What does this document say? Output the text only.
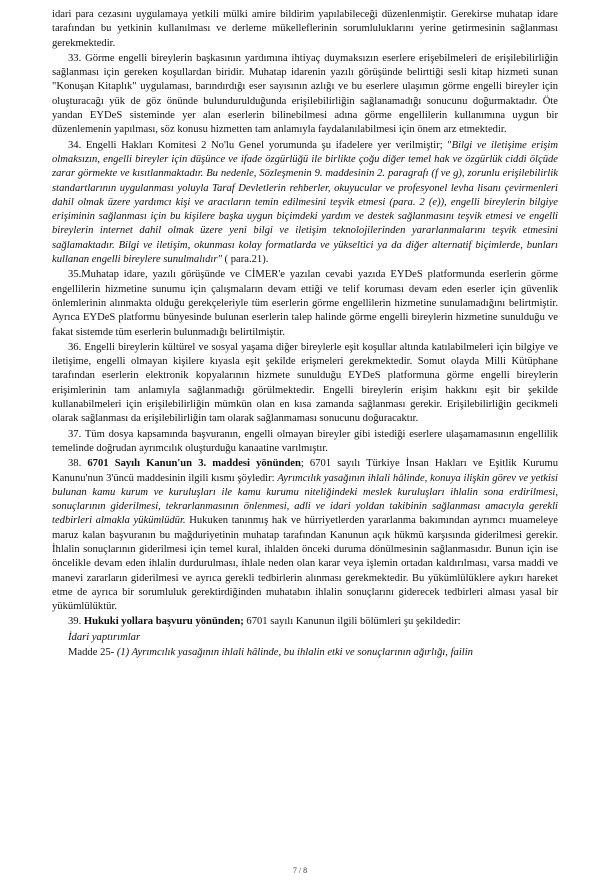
idari para cezasını uygulamaya yetkili mülki amire bildirim yapılabileceği düzenlenmiştir. Gerekirse muhatap idare tarafından bu yetkinin kullanılması ve derleme mükelleflerinin sorumluluklarını yerine getirmesinin sağlanması gerekmektedir.

33. Görme engelli bireylerin başkasının yardımına ihtiyaç duymaksızın eserlere erişebilmeleri de erişilebilirliğin sağlanması için gereken koşullardan biridir. Muhatap idarenin yazılı görüşünde belirttiği sesli kitap hizmeti sunan "Konuşan Kitaplık" uygulaması, barındırdığı eser sayısının azlığı ve bu eserlere ulaşımın görme engelli bireyler için oluşturacağı yük de göz önünde bulundurulduğunda erişilebilirliğin sağlanamadığı sonucunu doğurmaktadır. Öte yandan EYDeS sisteminde yer alan eserlerin bilinebilmesi adına görme engellilerin kullanımına uygun bir düzenlemenin yapılması, söz konusu hizmetten tam anlamıyla faydalanılabilmesi için önem arz etmektedir.

34. Engelli Hakları Komitesi 2 No'lu Genel yorumunda şu ifadelere yer verilmiştir; "Bilgi ve iletişime erişim olmaksızın, engelli bireyler için düşünce ve ifade özgürlüğü ile birlikte çoğu diğer temel hak ve özgürlük ciddi ölçüde zarar görmekte ve kısıtlanmaktadır. Bu nedenle, Sözleşmenin 9. maddesinin 2. paragrafı (f ve g), zorunlu erişilebilirlik standartlarının uygulanması yoluyla Taraf Devletlerin rehberler, okuyucular ve profesyonel levha lisanı çevirmenleri dahil olmak üzere yardımcı kişi ve aracıların temin edilmesini teşvik etmesi (para. 2 (e)), engelli bireylerin bilgiye erişiminin sağlanması için bu kişilere başka uygun biçimdeki yardım ve destek sağlanmasını teşvik etmesi ve engelli bireylerin internet dahil olmak üzere yeni bilgi ve iletişim teknolojilerinden yararlanmalarını teşvik etmesini sağlamaktadır. Bilgi ve iletişim, okunması kolay formatlarda ve yükseltici ya da diğer alternatif biçimlerde, bunları kullanan engelli bireylere sunulmalıdır" ( para.21).

35.Muhatap idare, yazılı görüşünde ve CİMER'e yazılan cevabi yazıda EYDeS platformunda eserlerin görme engellilerin hizmetine sunumu için çalışmaların devam ettiği ve telif koruması devam eden eserler için güvenlik önlemlerinin alınmakta olduğu gerekçeleriyle tüm eserlerin görme engellilerin hizmetine sunulamadığını belirtmiştir. Ayrıca EYDeS platformu bünyesinde bulunan eserlerin talep halinde görme engelli bireylerin hizmetine sunulduğu ve fakat sistemde tüm eserlerin bulunmadığı belirtilmiştir.

36. Engelli bireylerin kültürel ve sosyal yaşama diğer bireylerle eşit koşullar altında katılabilmeleri için bilgiye ve iletişime, engelli olmayan kişilere kıyasla eşit şekilde erişmeleri gerekmektedir. Somut olayda Milli Kütüphane tarafından eserlerin elektronik kopyalarının hizmete sunulduğu EYDeS platformuna görme engelli bireylerin erişimlerinin tam anlamıyla sağlanmadığı görülmektedir. Engelli bireylerin erişim hakkını eşit bir şekilde kullanabilmeleri için erişilebilirliğin mümkün olan en kısa zamanda sağlanması gerekir. Erişilebilirliğin gecikmeli olarak sağlanması da erişilebilirliğin tam olarak sağlanmaması sonucunu doğuracaktır.

37. Tüm dosya kapsamında başvuranın, engelli olmayan bireyler gibi istediği eserlere ulaşamamasının engellilik temelinde doğrudan ayrımcılık oluşturduğu kanaatine varılmıştır.

38. 6701 Sayılı Kanun'un 3. maddesi yönünden; 6701 sayılı Türkiye İnsan Hakları ve Eşitlik Kurumu Kanunu'nun 3'üncü maddesinin ilgili kısmı şöyledir: Ayrımcılık yasağının ihlali hâlinde, konuya ilişkin görev ve yetkisi bulunan kamu kurum ve kuruluşları ile kamu kurumu niteliğindeki meslek kuruluşları ihlalin sona erdirilmesi, sonuçlarının giderilmesi, tekrarlanmasının önlenmesi, adli ve idari yoldan takibinin sağlanması amacıyla gerekli tedbirleri almakla yükümlüdür. Hukuken tanınmış hak ve hürriyetlerden yararlanma bakımından ayrımcı muameleye maruz kalan başvuranın bu mağduriyetinin muhatap tarafından Kanunun açık hükmü karşısında giderilmesi gerekir. İhlalin sonuçlarının giderilmesi için temel kural, ihlalden önceki duruma dönülmesinin sağlanmasıdır. Bunun için ise öncelikle devam eden ihlalin durdurulması, ihlale neden olan karar veya işlemin ortadan kaldırılması, varsa maddi ve manevi zararların giderilmesi ve ayrıca gerekli tedbirlerin alınması gerekmektedir. Bu yükümlülüklere aykırı hareket etme de ayrıca bir sorumluluk gerektirdiğinden muhatabın ihlalin sonuçlarını giderecek tedbirleri alması yasal bir yükümlülüktür.

39. Hukuki yollara başvuru yönünden; 6701 sayılı Kanunun ilgili bölümleri şu şekildedir:

İdari yaptırımlar

Madde 25- (1) Ayrımcılık yasağının ihlali hâlinde, bu ihlalin etki ve sonuçlarının ağırlığı, failin

7 / 8
